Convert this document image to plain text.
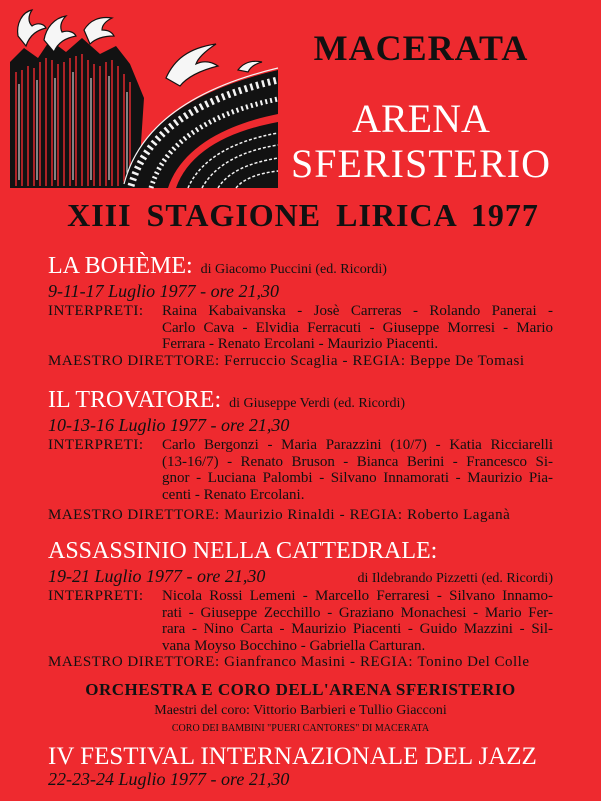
MACERATA
ARENA
SFERISTERIO
XIII STAGIONE LIRICA 1977
LA BOHÈME: di Giacomo Puccini (ed. Ricordi)
9-11-17 Luglio 1977 - ore 21,30
INTERPRETI:	Raina Kabaivanska - Josè Carreras - Rolando Panerai -
Carlo Cava - Elvidia Ferracuti - Giuseppe Morresi - Mario
Ferrara - Renato Ercolani - Maurizio Piacenti.
MAESTRO DIRETTORE: Ferruccio Scaglia - REGIA: Beppe De Tomasi
IL TROVATORE: di Giuseppe Verdi (ed. Ricordi)
10-13-16 Luglio 1977 - ore 21,30
INTERPRETI:	Carlo Bergonzi - Maria Parazzini (10/7) - Katia Ricciarelli
(13-16/7) - Renato Bruson - Bianca Berini - Francesco Si-
gnor - Luciana Palombi - Silvano Innamorati - Maurizio Pia-
centi - Renato Ercolani.
MAESTRO DIRETTORE: Maurizio Rinaldi - REGIA: Roberto Laganà
ASSASSINIO NELLA CATTEDRALE:
19-21 Luglio 1977 - ore 21,30	di Ildebrando Pizzetti (ed. Ricordi)
INTERPRETI:	Nicola Rossi Lemeni - Marcello Ferraresi - Silvano Innamo-
rati - Giuseppe Zecchillo - Graziano Monachesi - Mario Fer-
rara - Nino Carta - Maurizio Piacenti - Guido Mazzini - Sil-
vana Moyso Bocchino - Gabriella Carturan.
MAESTRO DIRETTORE: Gianfranco Masini - REGIA: Tonino Del Colle
ORCHESTRA E CORO DELL'ARENA SFERISTERIO
Maestri del coro: Vittorio Barbieri e Tullio Giacconi
CORO DEI BAMBINI "PUERI CANTORES" DI MACERATA
IV FESTIVAL INTERNAZIONALE DEL JAZZ
22-23-24 Luglio 1977 - ore 21,30
